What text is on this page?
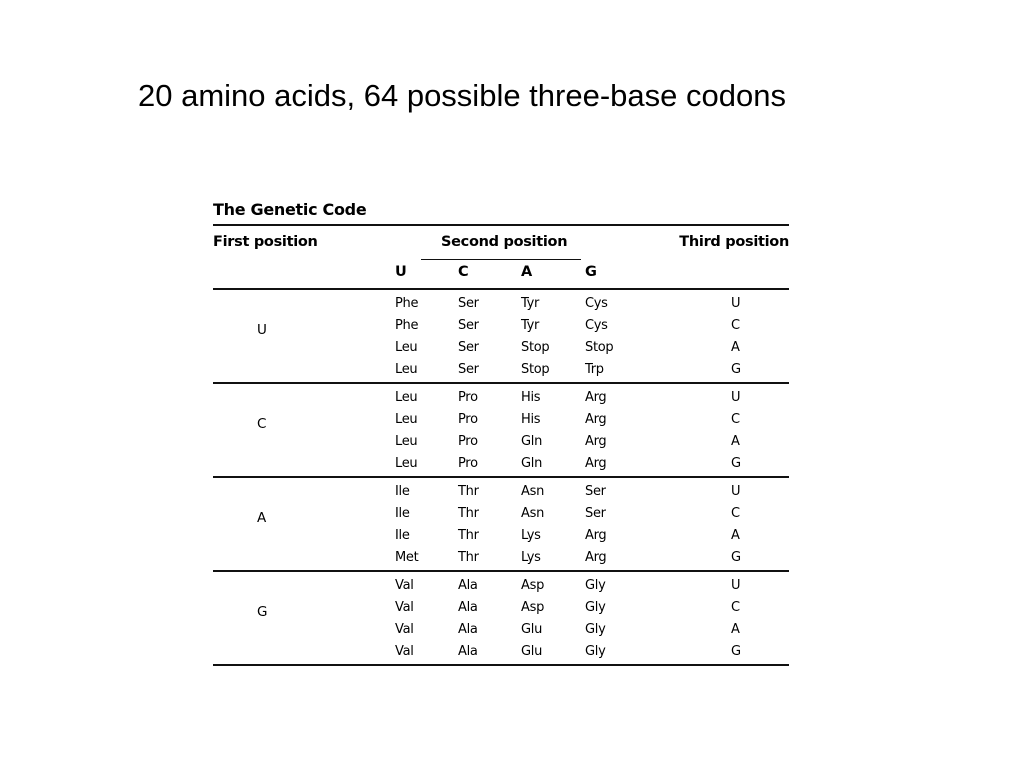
20 amino acids, 64 possible three-base codons
The Genetic Code
First position	Second position	Third position
U	C	A	G
U
Phe	Ser	Tyr	Cys	U
Phe	Ser	Tyr	Cys	C
Leu	Ser	Stop	Stop	A
Leu	Ser	Stop	Trp	G
C
Leu	Pro	His	Arg	U
Leu	Pro	His	Arg	C
Leu	Pro	Gln	Arg	A
Leu	Pro	Gln	Arg	G
A
Ile	Thr	Asn	Ser	U
Ile	Thr	Asn	Ser	C
Ile	Thr	Lys	Arg	A
Met	Thr	Lys	Arg	G
G
Val	Ala	Asp	Gly	U
Val	Ala	Asp	Gly	C
Val	Ala	Glu	Gly	A
Val	Ala	Glu	Gly	G
